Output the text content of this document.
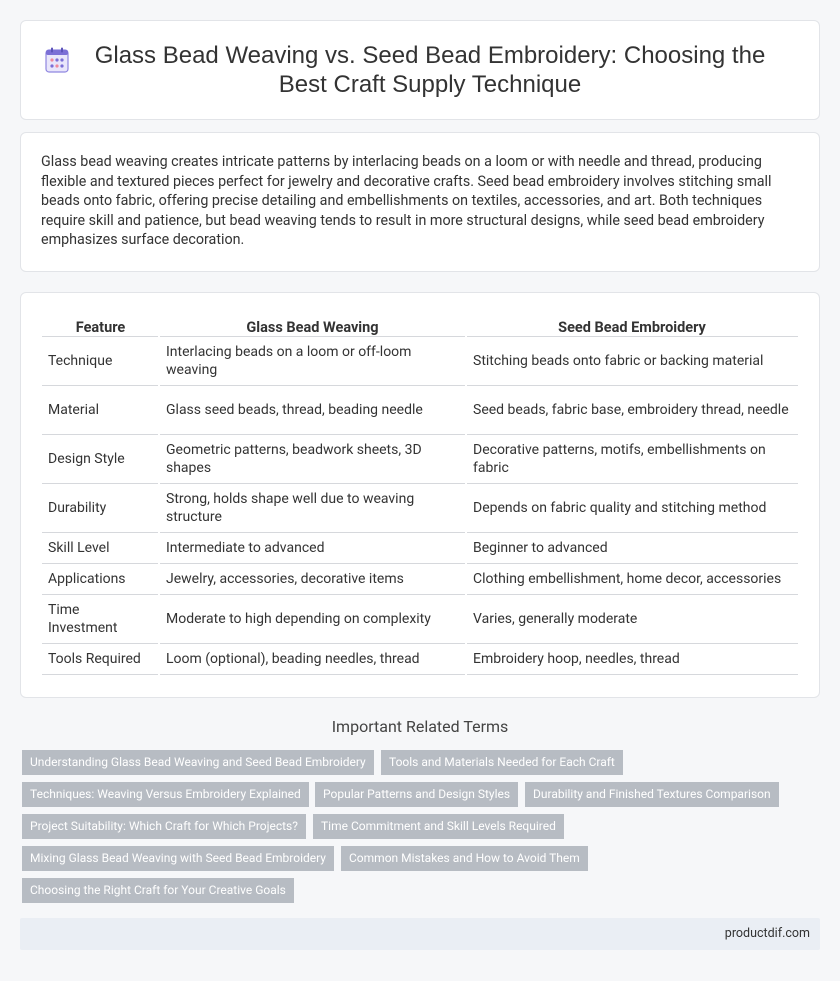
Glass Bead Weaving vs. Seed Bead Embroidery: Choosing the Best Craft Supply Technique

Glass bead weaving creates intricate patterns by interlacing beads on a loom or with needle and thread, producing flexible and textured pieces perfect for jewelry and decorative crafts. Seed bead embroidery involves stitching small beads onto fabric, offering precise detailing and embellishments on textiles, accessories, and art. Both techniques require skill and patience, but bead weaving tends to result in more structural designs, while seed bead embroidery emphasizes surface decoration.

Feature	Glass Bead Weaving	Seed Bead Embroidery
Technique	Interlacing beads on a loom or off-loom weaving	Stitching beads onto fabric or backing material
Material	Glass seed beads, thread, beading needle	Seed beads, fabric base, embroidery thread, needle
Design Style	Geometric patterns, beadwork sheets, 3D shapes	Decorative patterns, motifs, embellishments on fabric
Durability	Strong, holds shape well due to weaving structure	Depends on fabric quality and stitching method
Skill Level	Intermediate to advanced	Beginner to advanced
Applications	Jewelry, accessories, decorative items	Clothing embellishment, home decor, accessories
Time Investment	Moderate to high depending on complexity	Varies, generally moderate
Tools Required	Loom (optional), beading needles, thread	Embroidery hoop, needles, thread
Important Related Terms
Understanding Glass Bead Weaving and Seed Bead Embroidery	Tools and Materials Needed for Each Craft
Techniques: Weaving Versus Embroidery Explained	Popular Patterns and Design Styles	Durability and Finished Textures Comparison
Project Suitability: Which Craft for Which Projects?	Time Commitment and Skill Levels Required
Mixing Glass Bead Weaving with Seed Bead Embroidery	Common Mistakes and How to Avoid Them
Choosing the Right Craft for Your Creative Goals
productdif.com
